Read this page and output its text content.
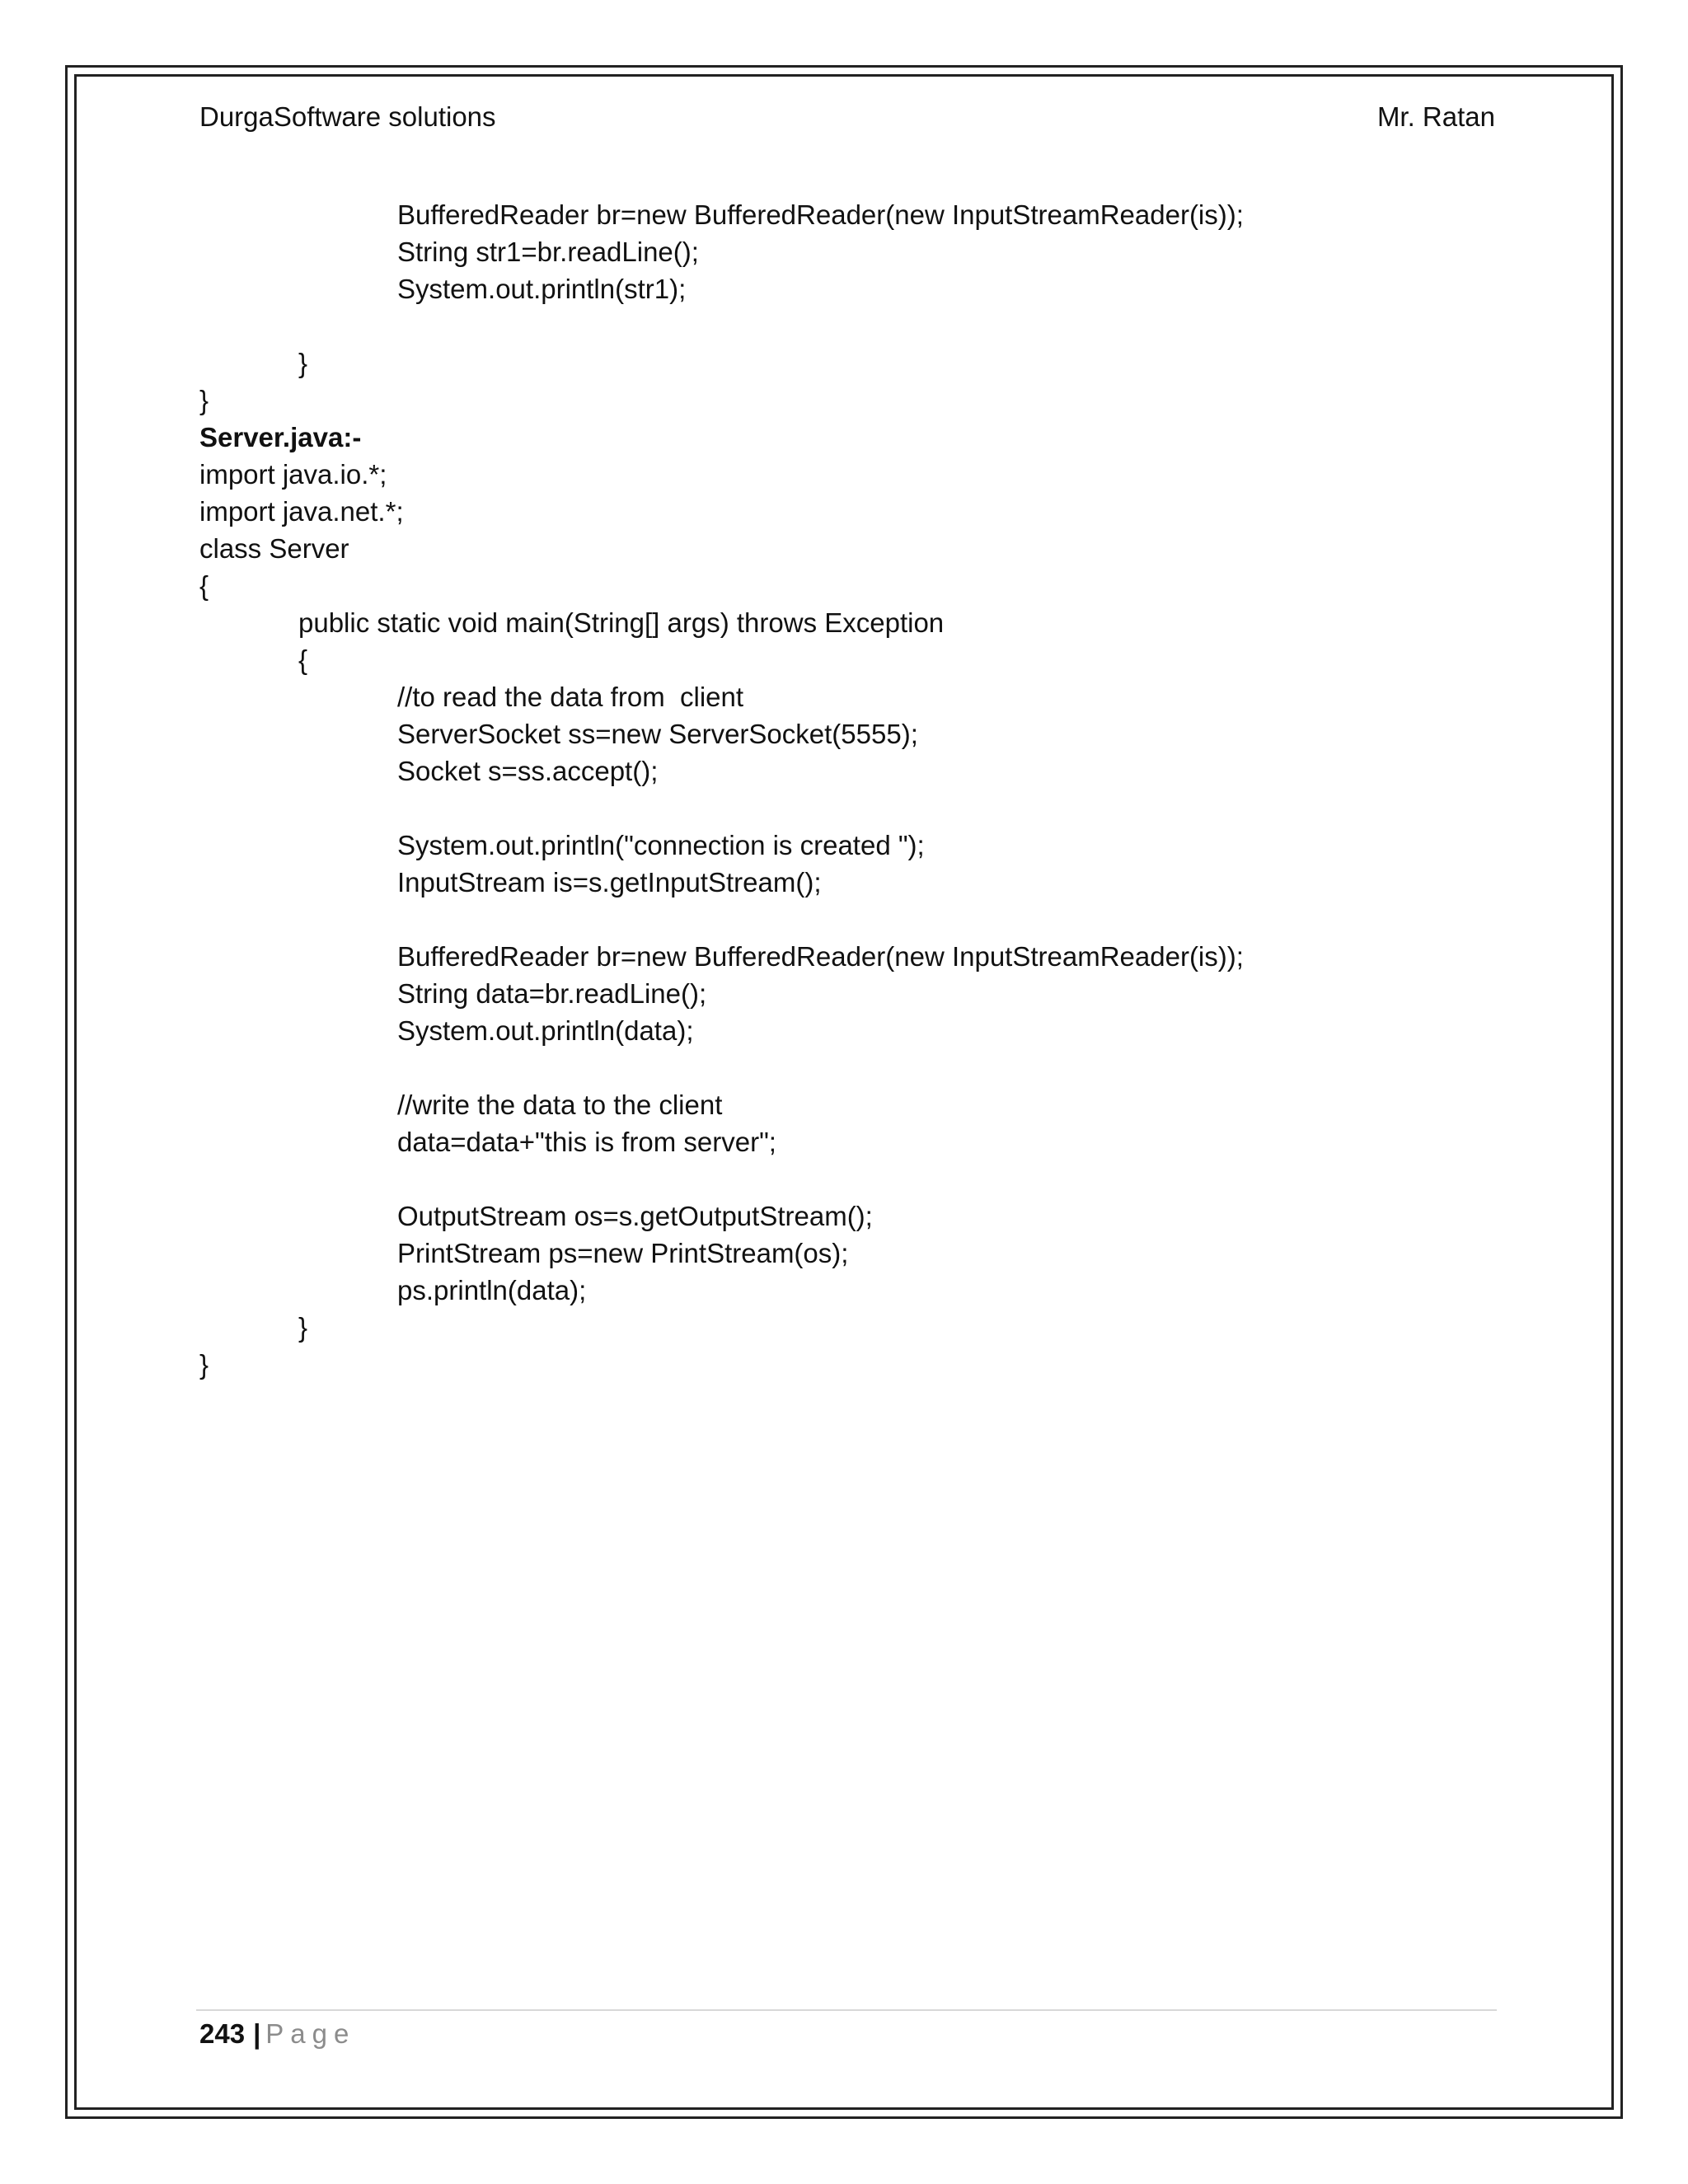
DurgaSoftware solutions	Mr. Ratan
BufferedReader br=new BufferedReader(new InputStreamReader(is));
String str1=br.readLine();
System.out.println(str1);
}
}
Server.java:-
import java.io.*;
import java.net.*;
class Server
{
public static void main(String[] args) throws Exception
{
//to read the data from  client
ServerSocket ss=new ServerSocket(5555);
Socket s=ss.accept();
System.out.println("connection is created ");
InputStream is=s.getInputStream();
BufferedReader br=new BufferedReader(new InputStreamReader(is));
String data=br.readLine();
System.out.println(data);
//write the data to the client
data=data+"this is from server";
OutputStream os=s.getOutputStream();
PrintStream ps=new PrintStream(os);
ps.println(data);
}
}
243 | Page
